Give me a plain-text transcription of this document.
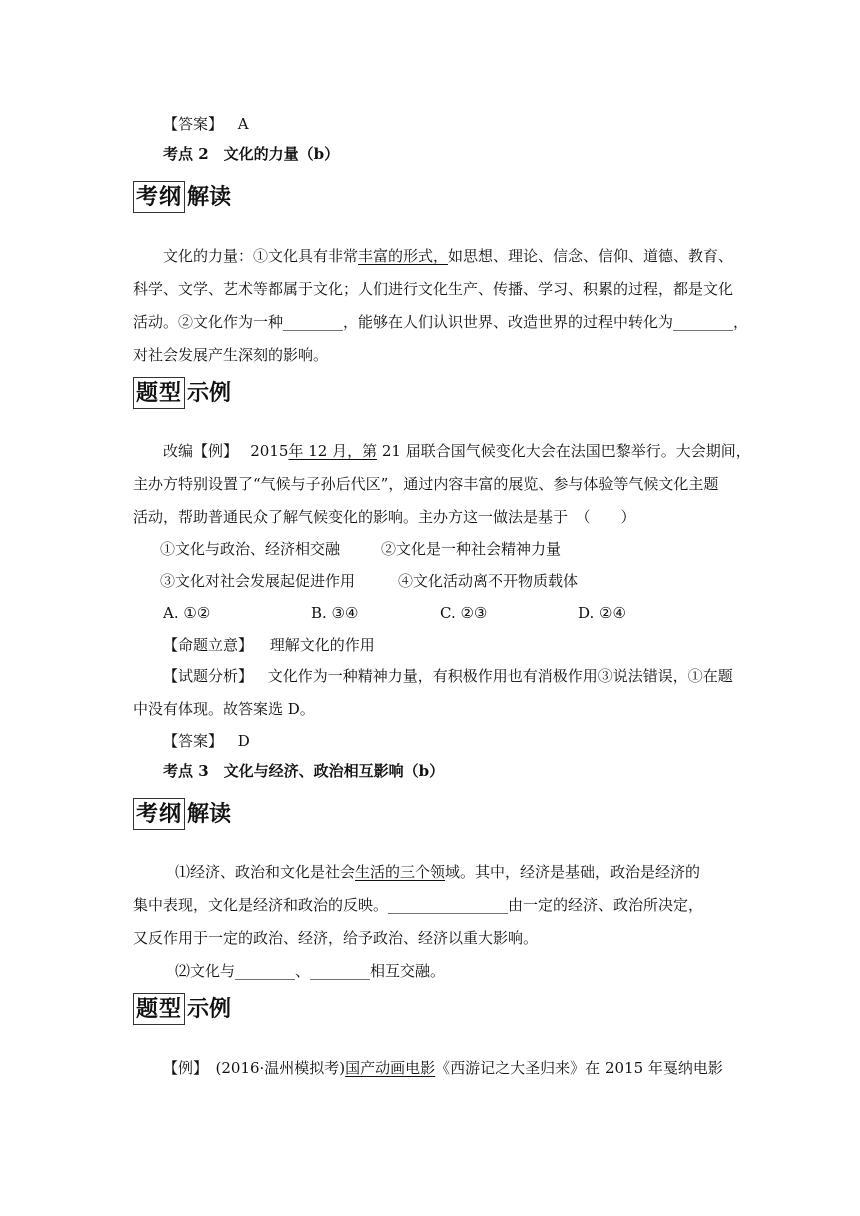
【答案】 A
考点 2　文化的力量（b）
考纲 解读
文化的力量：①文化具有非常丰富的形式，如思想、理论、信念、信仰、道德、教育、
科学、文学、艺术等都属于文化；人们进行文化生产、传播、学习、积累的过程，都是文化
活动。②文化作为一种________，能够在人们认识世界、改造世界的过程中转化为________，
对社会发展产生深刻的影响。
题型 示例
改编【例】　 2015年 12 月，第 21 届联合国气候变化大会在法国巴黎举行。大会期间，
主办方特别设置了“气候与子孙后代区”，通过内容丰富的展览、参与体验等气候文化主题
活动，帮助普通民众了解气候变化的影响。主办方这一做法是基于　（　　）
①文化与政治、经济相交融	②文化是一种社会精神力量
③文化对社会发展起促进作用	④文化活动离不开物质载体
A. ①②	B. ③④	C. ②③	D. ②④
【命题立意】 理解文化的作用
【试题分析】 文化作为一种精神力量，有积极作用也有消极作用③说法错误，①在题
中没有体现。故答案选 D。
【答案】 D
考点 3　文化与经济、政治相互影响（b）
考纲 解读
⑴经济、政治和文化是社会生活的三个领域。其中，经济是基础，政治是经济的
集中表现，文化是经济和政治的反映。________________由一定的经济、政治所决定，
又反作用于一定的政治、经济，给予政治、经济以重大影响。
⑵文化与________、________相互交融。
题型 示例
【例】　(2016·温州模拟考)国产动画电影《西游记之大圣归来》在 2015 年戛纳电影
